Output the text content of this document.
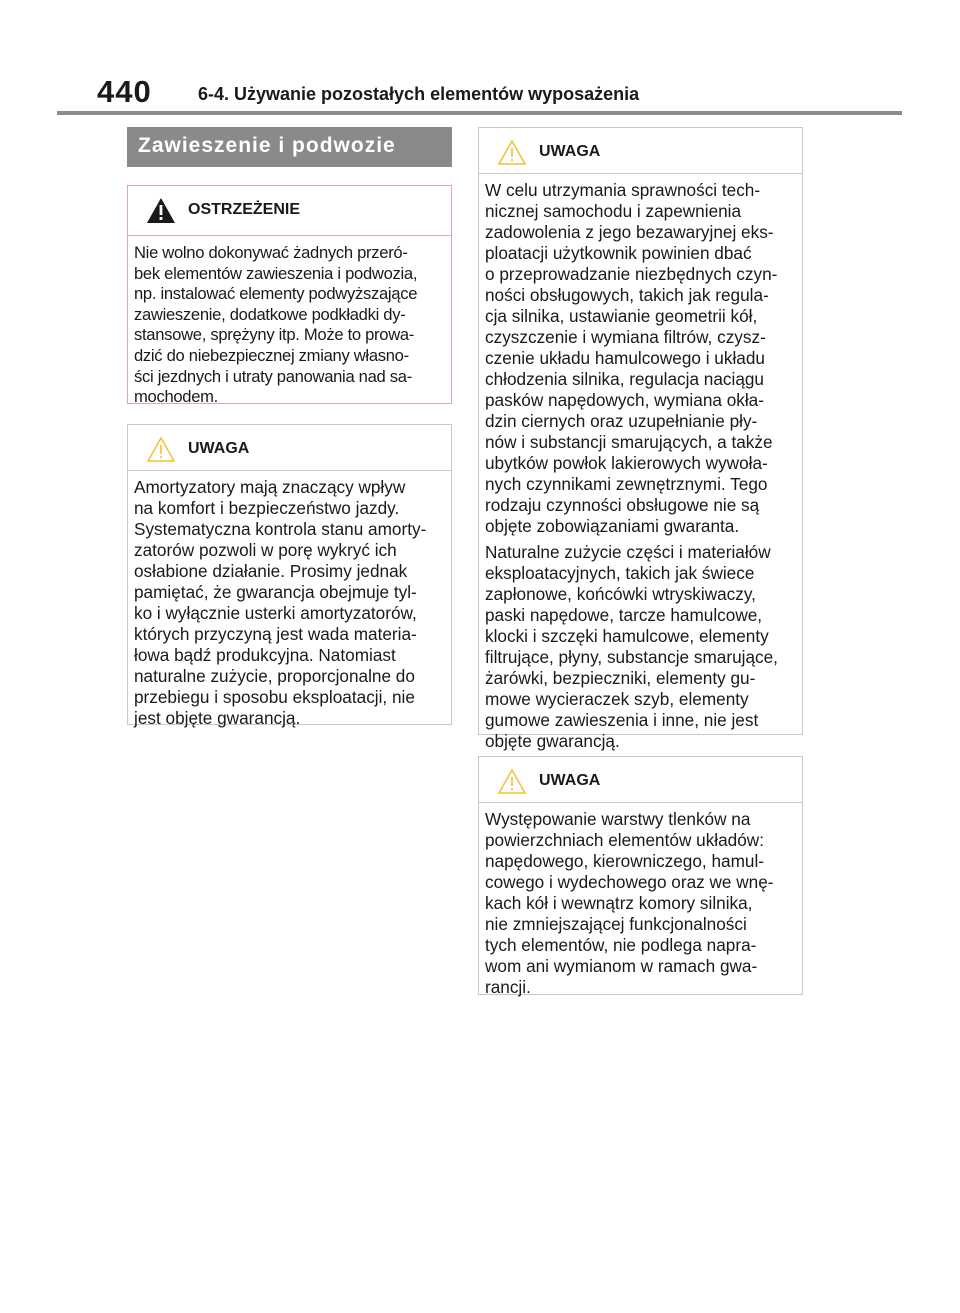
440	6-4. Używanie pozostałych elementów wyposażenia
Zawieszenie i podwozie
OSTRZEŻENIE

Nie wolno dokonywać żadnych przeró-
bek elementów zawieszenia i podwozia,
np. instalować elementy podwyższające
zawieszenie, dodatkowe podkładki dy-
stansowe, sprężyny itp. Może to prowa-
dzić do niebezpiecznej zmiany własno-
ści jezdnych i utraty panowania nad sa-
mochodem.

UWAGA

Amortyzatory mają znaczący wpływ
na komfort i bezpieczeństwo jazdy.
Systematyczna kontrola stanu amorty-
zatorów pozwoli w porę wykryć ich
osłabione działanie. Prosimy jednak
pamiętać, że gwarancja obejmuje tyl-
ko i wyłącznie usterki amortyzatorów,
których przyczyną jest wada materia-
łowa bądź produkcyjna. Natomiast
naturalne zużycie, proporcjonalne do
przebiegu i sposobu eksploatacji, nie
jest objęte gwarancją.

UWAGA

W celu utrzymania sprawności tech-
nicznej samochodu i zapewnienia
zadowolenia z jego bezawaryjnej eks-
ploatacji użytkownik powinien dbać
o przeprowadzanie niezbędnych czyn-
ności obsługowych, takich jak regula-
cja silnika, ustawianie geometrii kół,
czyszczenie i wymiana filtrów, czysz-
czenie układu hamulcowego i układu
chłodzenia silnika, regulacja naciągu
pasków napędowych, wymiana okła-
dzin ciernych oraz uzupełnianie pły-
nów i substancji smarujących, a także
ubytków powłok lakierowych wywoła-
nych czynnikami zewnętrznymi. Tego
rodzaju czynności obsługowe nie są
objęte zobowiązaniami gwaranta.

Naturalne zużycie części i materiałów
eksploatacyjnych, takich jak świece
zapłonowe, końcówki wtryskiwaczy,
paski napędowe, tarcze hamulcowe,
klocki i szczęki hamulcowe, elementy
filtrujące, płyny, substancje smarujące,
żarówki, bezpieczniki, elementy gu-
mowe wycieraczek szyb, elementy
gumowe zawieszenia i inne, nie jest
objęte gwarancją.

UWAGA

Występowanie warstwy tlenków na
powierzchniach elementów układów:
napędowego, kierowniczego, hamul-
cowego i wydechowego oraz we wnę-
kach kół i wewnątrz komory silnika,
nie zmniejszającej funkcjonalności
tych elementów, nie podlega napra-
wom ani wymianom w ramach gwa-
rancji.
